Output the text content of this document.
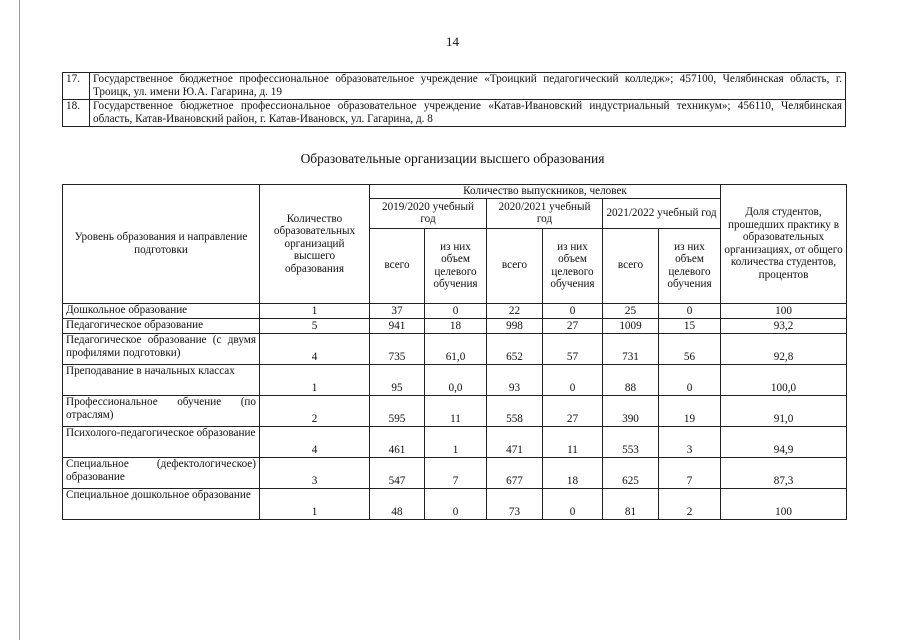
14
17.	Государственное бюджетное профессиональное образовательное учреждение «Троицкий педагогический колледж»; 457100, Челябинская область, г. Троицк, ул. имени Ю.А. Гагарина, д. 19
18.	Государственное бюджетное профессиональное образовательное учреждение «Катав-Ивановский индустриальный техникум»; 456110, Челябинская область, Катав-Ивановский район, г. Катав-Ивановск, ул. Гагарина, д. 8
Образовательные организации высшего образования
Уровень образования и направление подготовки	Количество образовательных организаций высшего образования	Количество выпускников, человек						Доля студентов, прошедших практику в образовательных организациях, от общего количества студентов, процентов
		2019/2020 учебный год		2020/2021 учебный год		2021/2022 учебный год		
		всего	из них объем целевого обучения	всего	из них объем целевого обучения	всего	из них объем целевого обучения	
Дошкольное образование	1	37	0	22	0	25	0	100
Педагогическое образование	5	941	18	998	27	1009	15	93,2
Педагогическое образование (с двумя профилями подготовки)	4	735	61,0	652	57	731	56	92,8
Преподавание в начальных классах	1	95	0,0	93	0	88	0	100,0
Профессиональное обучение (по отраслям)	2	595	11	558	27	390	19	91,0
Психолого-педагогическое образование	4	461	1	471	11	553	3	94,9
Специальное (дефектологическое) образование	3	547	7	677	18	625	7	87,3
Специальное дошкольное образование	1	48	0	73	0	81	2	100
